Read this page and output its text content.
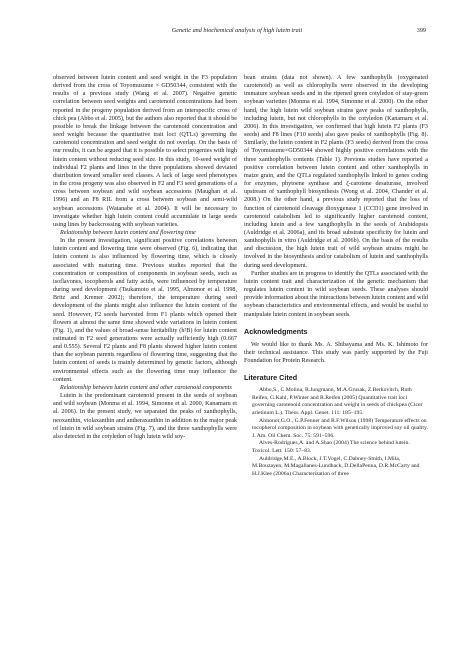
Genetic and biochemical analysis of high lutein trait	399

observed between lutein content and seed weight in the F3 population derived from the cross of Toyomusume × GD50344, consistent with the results of a previous study (Wang et al. 2007). Negative genetic correlation between seed weights and carotenoid concentrations had been reported in the progeny population derived from an interspecific cross of chick pea (Abbo et al. 2005), but the authors also reported that it should be possible to break the linkage between the carotenoid concentration and seed weight because the quantitative trait loci (QTLs) governing the carotenoid concentration and seed weight do not overlap. On the basis of our results, it can be argued that it is possible to select progenies with high lutein content without reducing seed size. In this study, 10-seed weight of individual F2 plants and lines in the three populations showed deviated distribution toward smaller seed classes. A lack of large seed phenotypes in the cross progeny was also observed in F2 and F3 seed generations of a cross between soybean and wild soybean accessions (Maughan et al. 1996) and an F8 RIL from a cross between soybean and semi-wild soybean accessions (Watanabe et al. 2004). It will be necessary to investigate whether high lutein content could accumulate in large seeds using lines by backcrossing with soybean varieties.

Relationship between lutein content and flowering time

In the present investigation, significant positive correlations between lutein content and flowering time were observed (Fig. 6), indicating that lutein content is also influenced by flowering time, which is closely associated with maturing time. Previous studies reported that the concentration or composition of components in soybean seeds, such as isoflavones, tocopherols and fatty acids, were influenced by temperature during seed development (Tsukamoto et al. 1995, Almonor et al. 1998, Britz and Kremer 2002); therefore, the temperature during seed development of the plants might also influence the lutein content of the seed. However, F2 seeds harvested from F1 plants which opened their flowers at almost the same time showed wide variations in lutein content (Fig. 1), and the values of broad-sense heritability (h²B) for lutein content estimated in F2 seed generations were actually sufficiently high (0.667 and 0.555). Several F2 plants and F8 plants showed higher lutein content than the soybean parents regardless of flowering time, suggesting that the lutein content of seeds is mainly determined by genetic factors, although environmental effects such as the flowering time may influence the content.

Relationship between lutein content and other carotenoid components

Lutein is the predominant carotenoid present in the seeds of soybean and wild soybean (Monma et al. 1994, Simonne et al. 2000, Kanamaru et al. 2006). In the present study, we separated the peaks of xanthophylls, neoxanthin, violaxanthin and antheraxanthin in addition to the major peak of lutein in wild soybean strains (Fig. 7), and the three xanthophylls were also detected in the cotyledon of high lutein wild soy-

bean strains (data not shown). A few xanthophylls (oxygenated carotenoid) as well as chlorophylls were observed in the developing immature soybean seeds and in the ripened green cotyledon of stay-green soybean varieties (Monma et al. 1994, Simonne et al. 2000). On the other hand, the high lutein wild soybean strains gave peaks of xanthophylls, including lutein, but not chlorophylls in the cotyledon (Kanamaru et al. 2006). In this investigation, we confirmed that high lutein F2 plants (F3 seeds) and F8 lines (F10 seeds) also gave peaks of xanthophylls (Fig. 8). Similarly, the lutein content in F2 plants (F3 seeds) derived from the cross of Toyomusume×GD50344 showed highly positive correlations with the three xanthophylls contents (Table 1). Previous studies have reported a positive correlation between lutein content and other xanthophylls in maize grain, and the QTLs regulated xanthophylls linked to genes coding for enzymes, phytoene synthase and ζ-carotene desaturase, involved upstream of xanthophyll biosynthesis (Wong et al. 2004, Chander et al. 2008.) On the other hand, a previous study reported that the loss of function of carotenoid cleavage dioxygenase 1 (CCD1) gene involved in carotenoid catabolism led to significantly higher carotenoid content, including lutein and a few xangthophylls in the seeds of Arabidopsis (Auldridge et al. 2006a), and its broad substrate specificity for lutein and xanthophylls in vitro (Auldridge et al. 2006b). On the basis of the results and discussion, the high lutein trait of wild soybean strains might be involved in the biosynthesis and/or catabolism of lutein and xanthophylls during seed development.

Further studies are in progress to identify the QTLs associated with the lutein content trait and characterization of the genetic mechanism that regulates lutein content in wild soybean seeds. These analyses should provide information about the interactions between lutein content and wild soybean characteristics and environmental effects, and would be useful to manipulate lutein content in soybean seeds.

Acknowledgments

We would like to thank Ms. A. Shibayama and Ms. K. Ishimoto for their technical assistance. This study was partly supported by the Fuji Foundation for Protein Research.

Literature Cited

Abbo,S., C.Molina, R.Jungmann, M.A.Grusak, Z.Berkovitch, Ruth Reifen, G.Kahl, P.Winter and R.Reifen (2005) Quantitative trait loci governing carotenoid concentration and weight in seeds of chickpea (Cicer arietinum L.). Theor. Appl. Genet. 111: 185–195.

Almonor,G.O., G.P.Fenner and R.F.Wilson (1998) Temperature effects on tocopherol composition in soybean with genetically improved soy oil quality. J. Am. Oil Chem. Soc. 75: 591–596.

Alves-Rodrigues,A. and A.Shao (2004) The science behind lutein. Toxicol. Lett. 150: 57–83.

Auldridge,M.E., A.Block, J.T.Vogel, C.Dabney-Smith, I.Mila, M.Bouzayen, M.Magallanes-Lundback, D.DellaPenna, D.R.McCarty and H.J.Klee (2006a) Characterization of three
